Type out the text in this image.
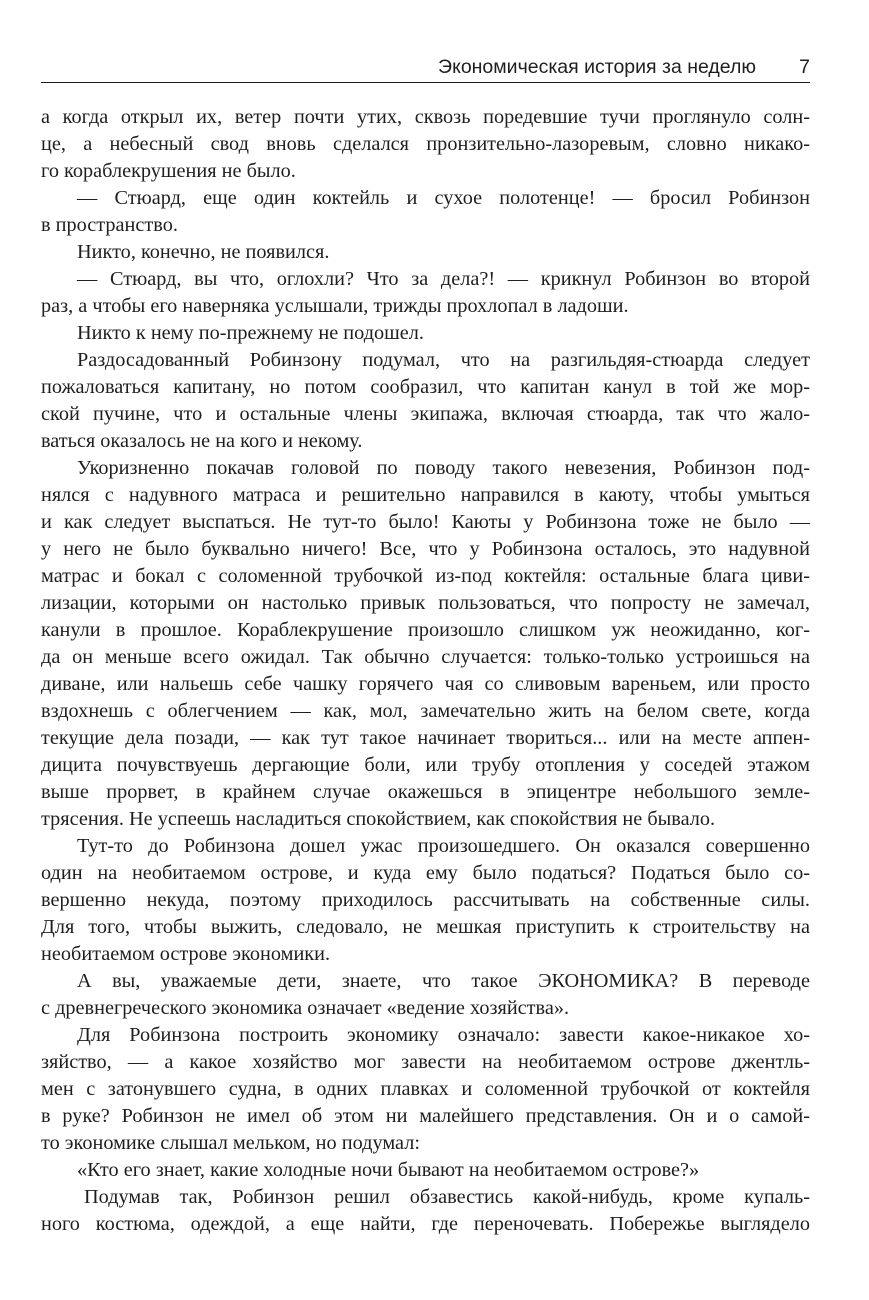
Экономическая история за неделю 7
а когда открыл их, ветер почти утих, сквозь поредевшие тучи проглянуло солн-
це, а небесный свод вновь сделался пронзительно-лазоревым, словно никако-
го кораблекрушения не было.
— Стюард, еще один коктейль и сухое полотенце! — бросил Робинзон
в пространство.
Никто, конечно, не появился.
— Стюард, вы что, оглохли? Что за дела?! — крикнул Робинзон во второй
раз, а чтобы его наверняка услышали, трижды прохлопал в ладоши.
Никто к нему по-прежнему не подошел.
Раздосадованный Робинзону подумал, что на разгильдяя-стюарда следует
пожаловаться капитану, но потом сообразил, что капитан канул в той же мор-
ской пучине, что и остальные члены экипажа, включая стюарда, так что жало-
ваться оказалось не на кого и некому.
Укоризненно покачав головой по поводу такого невезения, Робинзон под-
нялся с надувного матраса и решительно направился в каюту, чтобы умыться
и как следует выспаться. Не тут-то было! Каюты у Робинзона тоже не было —
у него не было буквально ничего! Все, что у Робинзона осталось, это надувной
матрас и бокал с соломенной трубочкой из-под коктейля: остальные блага циви-
лизации, которыми он настолько привык пользоваться, что попросту не замечал,
канули в прошлое. Кораблекрушение произошло слишком уж неожиданно, ког-
да он меньше всего ожидал. Так обычно случается: только-только устроишься на
диване, или нальешь себе чашку горячего чая со сливовым вареньем, или просто
вздохнешь с облегчением — как, мол, замечательно жить на белом свете, когда
текущие дела позади, — как тут такое начинает твориться... или на месте аппен-
дицита почувствуешь дергающие боли, или трубу отопления у соседей этажом
выше прорвет, в крайнем случае окажешься в эпицентре небольшого земле-
трясения. Не успеешь насладиться спокойствием, как спокойствия не бывало.
Тут-то до Робинзона дошел ужас произошедшего. Он оказался совершенно
один на необитаемом острове, и куда ему было податься? Податься было со-
вершенно некуда, поэтому приходилось рассчитывать на собственные силы.
Для того, чтобы выжить, следовало, не мешкая приступить к строительству на
необитаемом острове экономики.
А вы, уважаемые дети, знаете, что такое ЭКОНОМИКА? В переводе
с древнегреческого экономика означает «ведение хозяйства».
Для Робинзона построить экономику означало: завести какое-никакое хо-
зяйство, — а какое хозяйство мог завести на необитаемом острове джентль-
мен с затонувшего судна, в одних плавках и соломенной трубочкой от коктейля
в руке? Робинзон не имел об этом ни малейшего представления. Он и о самой-
то экономике слышал мельком, но подумал:
«Кто его знает, какие холодные ночи бывают на необитаемом острове?»
Подумав так, Робинзон решил обзавестись какой-нибудь, кроме купаль-
ного костюма, одеждой, а еще найти, где переночевать. Побережье выглядело
